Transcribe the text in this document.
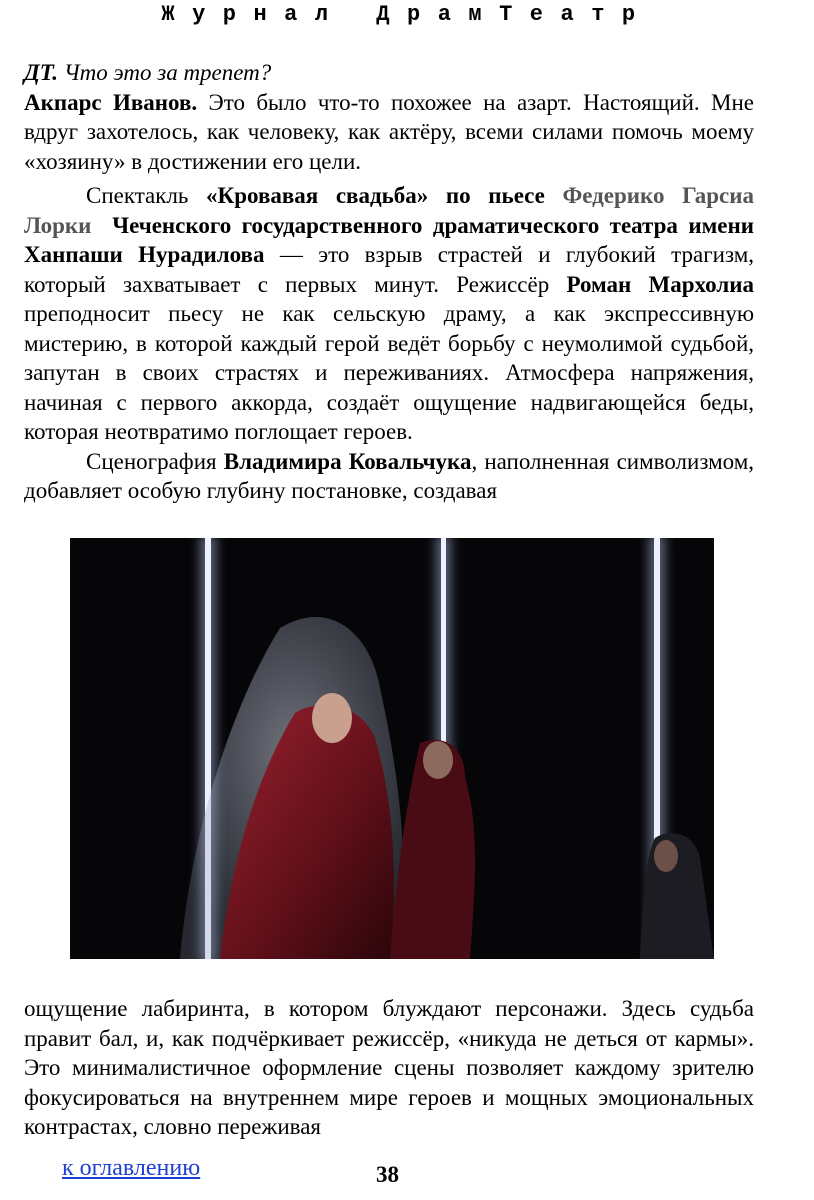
Журнал ДрамТеатр

ДТ. Что это за трепет?

Акпарс Иванов. Это было что-то похожее на азарт. Настоящий. Мне вдруг захотелось, как человеку, как актёру, всеми силами помочь моему «хозяину» в достижении его цели.

Спектакль «Кровавая свадьба» по пьесе Федерико Гарсиа Лорки Чеченского государственного драматического театра имени Ханпаши Нурадилова — это взрыв страстей и глубокий трагизм, который захватывает с первых минут. Режиссёр Роман Мархолиа преподносит пьесу не как сельскую драму, а как экспрессивную мистерию, в которой каждый герой ведёт борьбу с неумолимой судьбой, запутан в своих страстях и переживаниях. Атмосфера напряжения, начиная с первого аккорда, создаёт ощущение надвигающейся беды, которая неотвратимо поглощает героев.

Сценография Владимира Ковальчука, наполненная символизмом, добавляет особую глубину постановке, создавая

ощущение лабиринта, в котором блуждают персонажи. Здесь судьба правит бал, и, как подчёркивает режиссёр, «никуда не деться от кармы». Это минималистичное оформление сцены позволяет каждому зрителю фокусироваться на внутреннем мире героев и мощных эмоциональных контрастах, словно переживая

к оглавлению	38
